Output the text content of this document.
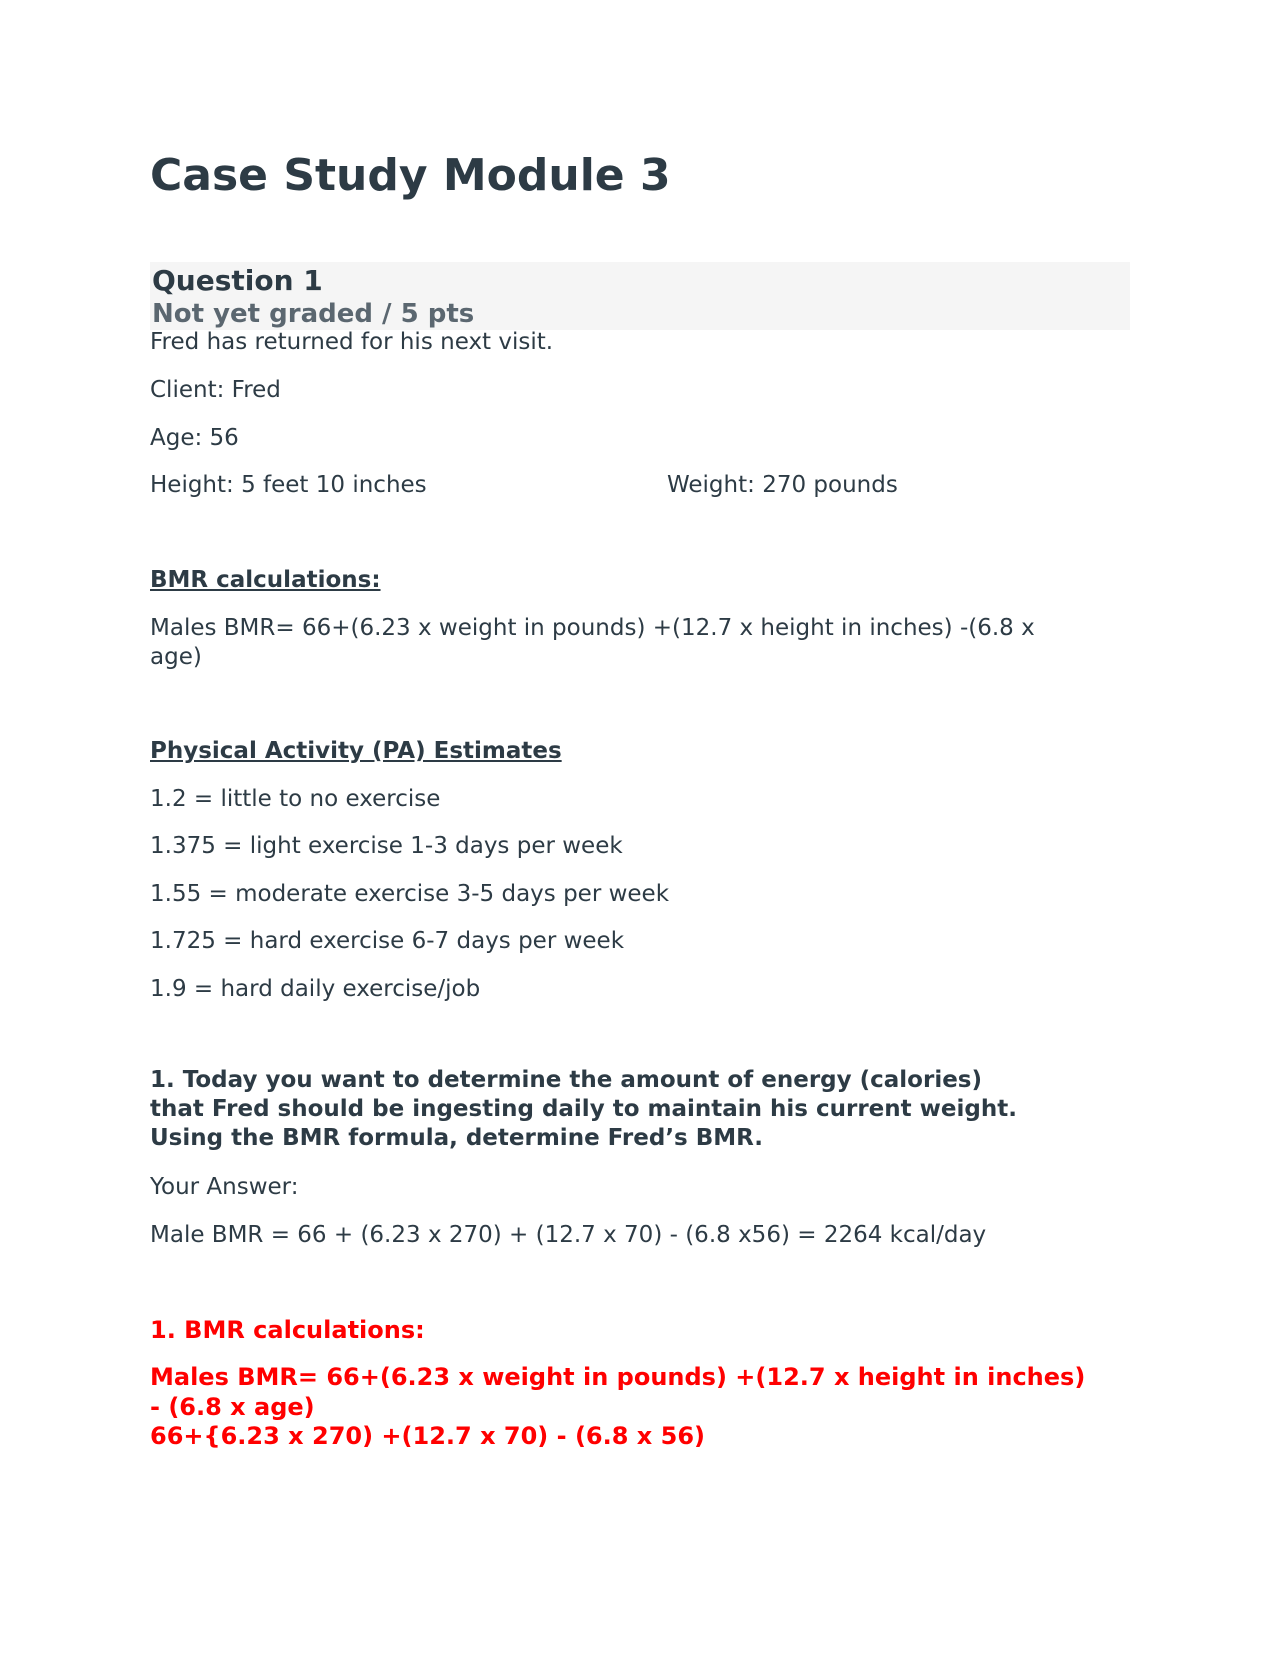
Case Study Module 3
Question 1
Not yet graded / 5 pts
Fred has returned for his next visit.
Client: Fred
Age: 56
Height: 5 feet 10 inches	Weight: 270 pounds
BMR calculations:
Males BMR= 66+(6.23 x weight in pounds) +(12.7 x height in inches) -(6.8 x
age)
Physical Activity (PA) Estimates
1.2 = little to no exercise
1.375 = light exercise 1-3 days per week
1.55 = moderate exercise 3-5 days per week
1.725 = hard exercise 6-7 days per week
1.9 = hard daily exercise/job
1. Today you want to determine the amount of energy (calories)
that Fred should be ingesting daily to maintain his current weight.
Using the BMR formula, determine Fred’s BMR.
Your Answer:
Male BMR = 66 + (6.23 x 270) + (12.7 x 70) - (6.8 x56) = 2264 kcal/day
1. BMR calculations:
Males BMR= 66+(6.23 x weight in pounds) +(12.7 x height in inches)
- (6.8 x age)
66+{6.23 x 270) +(12.7 x 70) - (6.8 x 56)
